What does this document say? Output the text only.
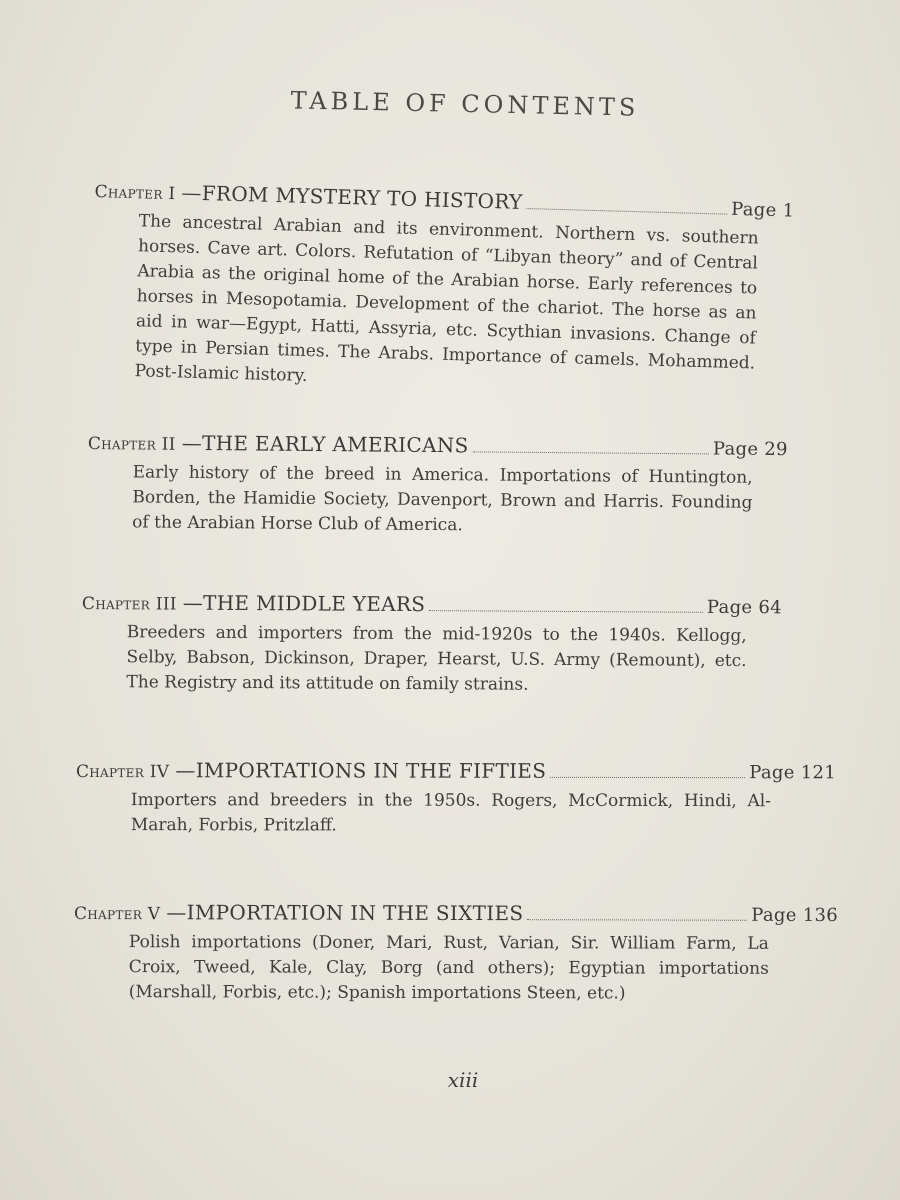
TABLE OF CONTENTS
Chapter I —FROM MYSTERY TO HISTORY	Page 1

The ancestral Arabian and its environment. Northern vs. southern horses. Cave art. Colors. Refutation of “Libyan theory” and of Central Arabia as the original home of the Arabian horse. Early references to horses in Mesopotamia. Development of the chariot. The horse as an aid in war—Egypt, Hatti, Assyria, etc. Scythian invasions. Change of type in Persian times. The Arabs. Importance of camels. Mohammed. Post-Islamic history.

Chapter II —THE EARLY AMERICANS	Page 29

Early history of the breed in America. Importations of Huntington, Borden, the Hamidie Society, Davenport, Brown and Harris. Founding of the Arabian Horse Club of America.

Chapter III —THE MIDDLE YEARS	Page 64

Breeders and importers from the mid-1920s to the 1940s. Kellogg, Selby, Babson, Dickinson, Draper, Hearst, U.S. Army (Remount), etc. The Registry and its attitude on family strains.

Chapter IV —IMPORTATIONS IN THE FIFTIES	Page 121

Importers and breeders in the 1950s. Rogers, McCormick, Hindi, Al-Marah, Forbis, Pritzlaff.

Chapter V —IMPORTATION IN THE SIXTIES	Page 136

Polish importations (Doner, Mari, Rust, Varian, Sir. William Farm, La Croix, Tweed, Kale, Clay, Borg (and others); Egyptian importations (Marshall, Forbis, etc.); Spanish importations Steen, etc.)

xiii
